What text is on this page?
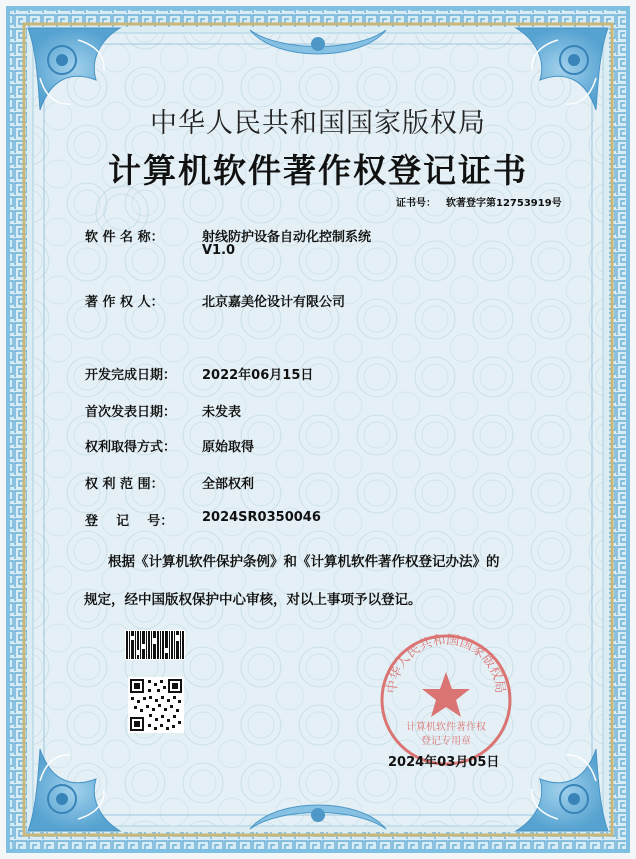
中华人民共和国国家版权局
计算机软件著作权登记证书
证书号： 软著登字第12753919号
软 件 名 称：	射线防护设备自动化控制系统
V1.0
著 作 权 人：	北京嘉美伦设计有限公司
开发完成日期： 2022年06月15日
首次发表日期： 未发表
权利取得方式： 原始取得
权 利 范 围：	全部权利
登    记    号： 2024SR0350046
根据《计算机软件保护条例》和《计算机软件著作权登记办法》的
规定，经中国版权保护中心审核，对以上事项予以登记。
中华人民共和国国家版权局
计算机软件著作权
登记专用章
2024年03月05日
